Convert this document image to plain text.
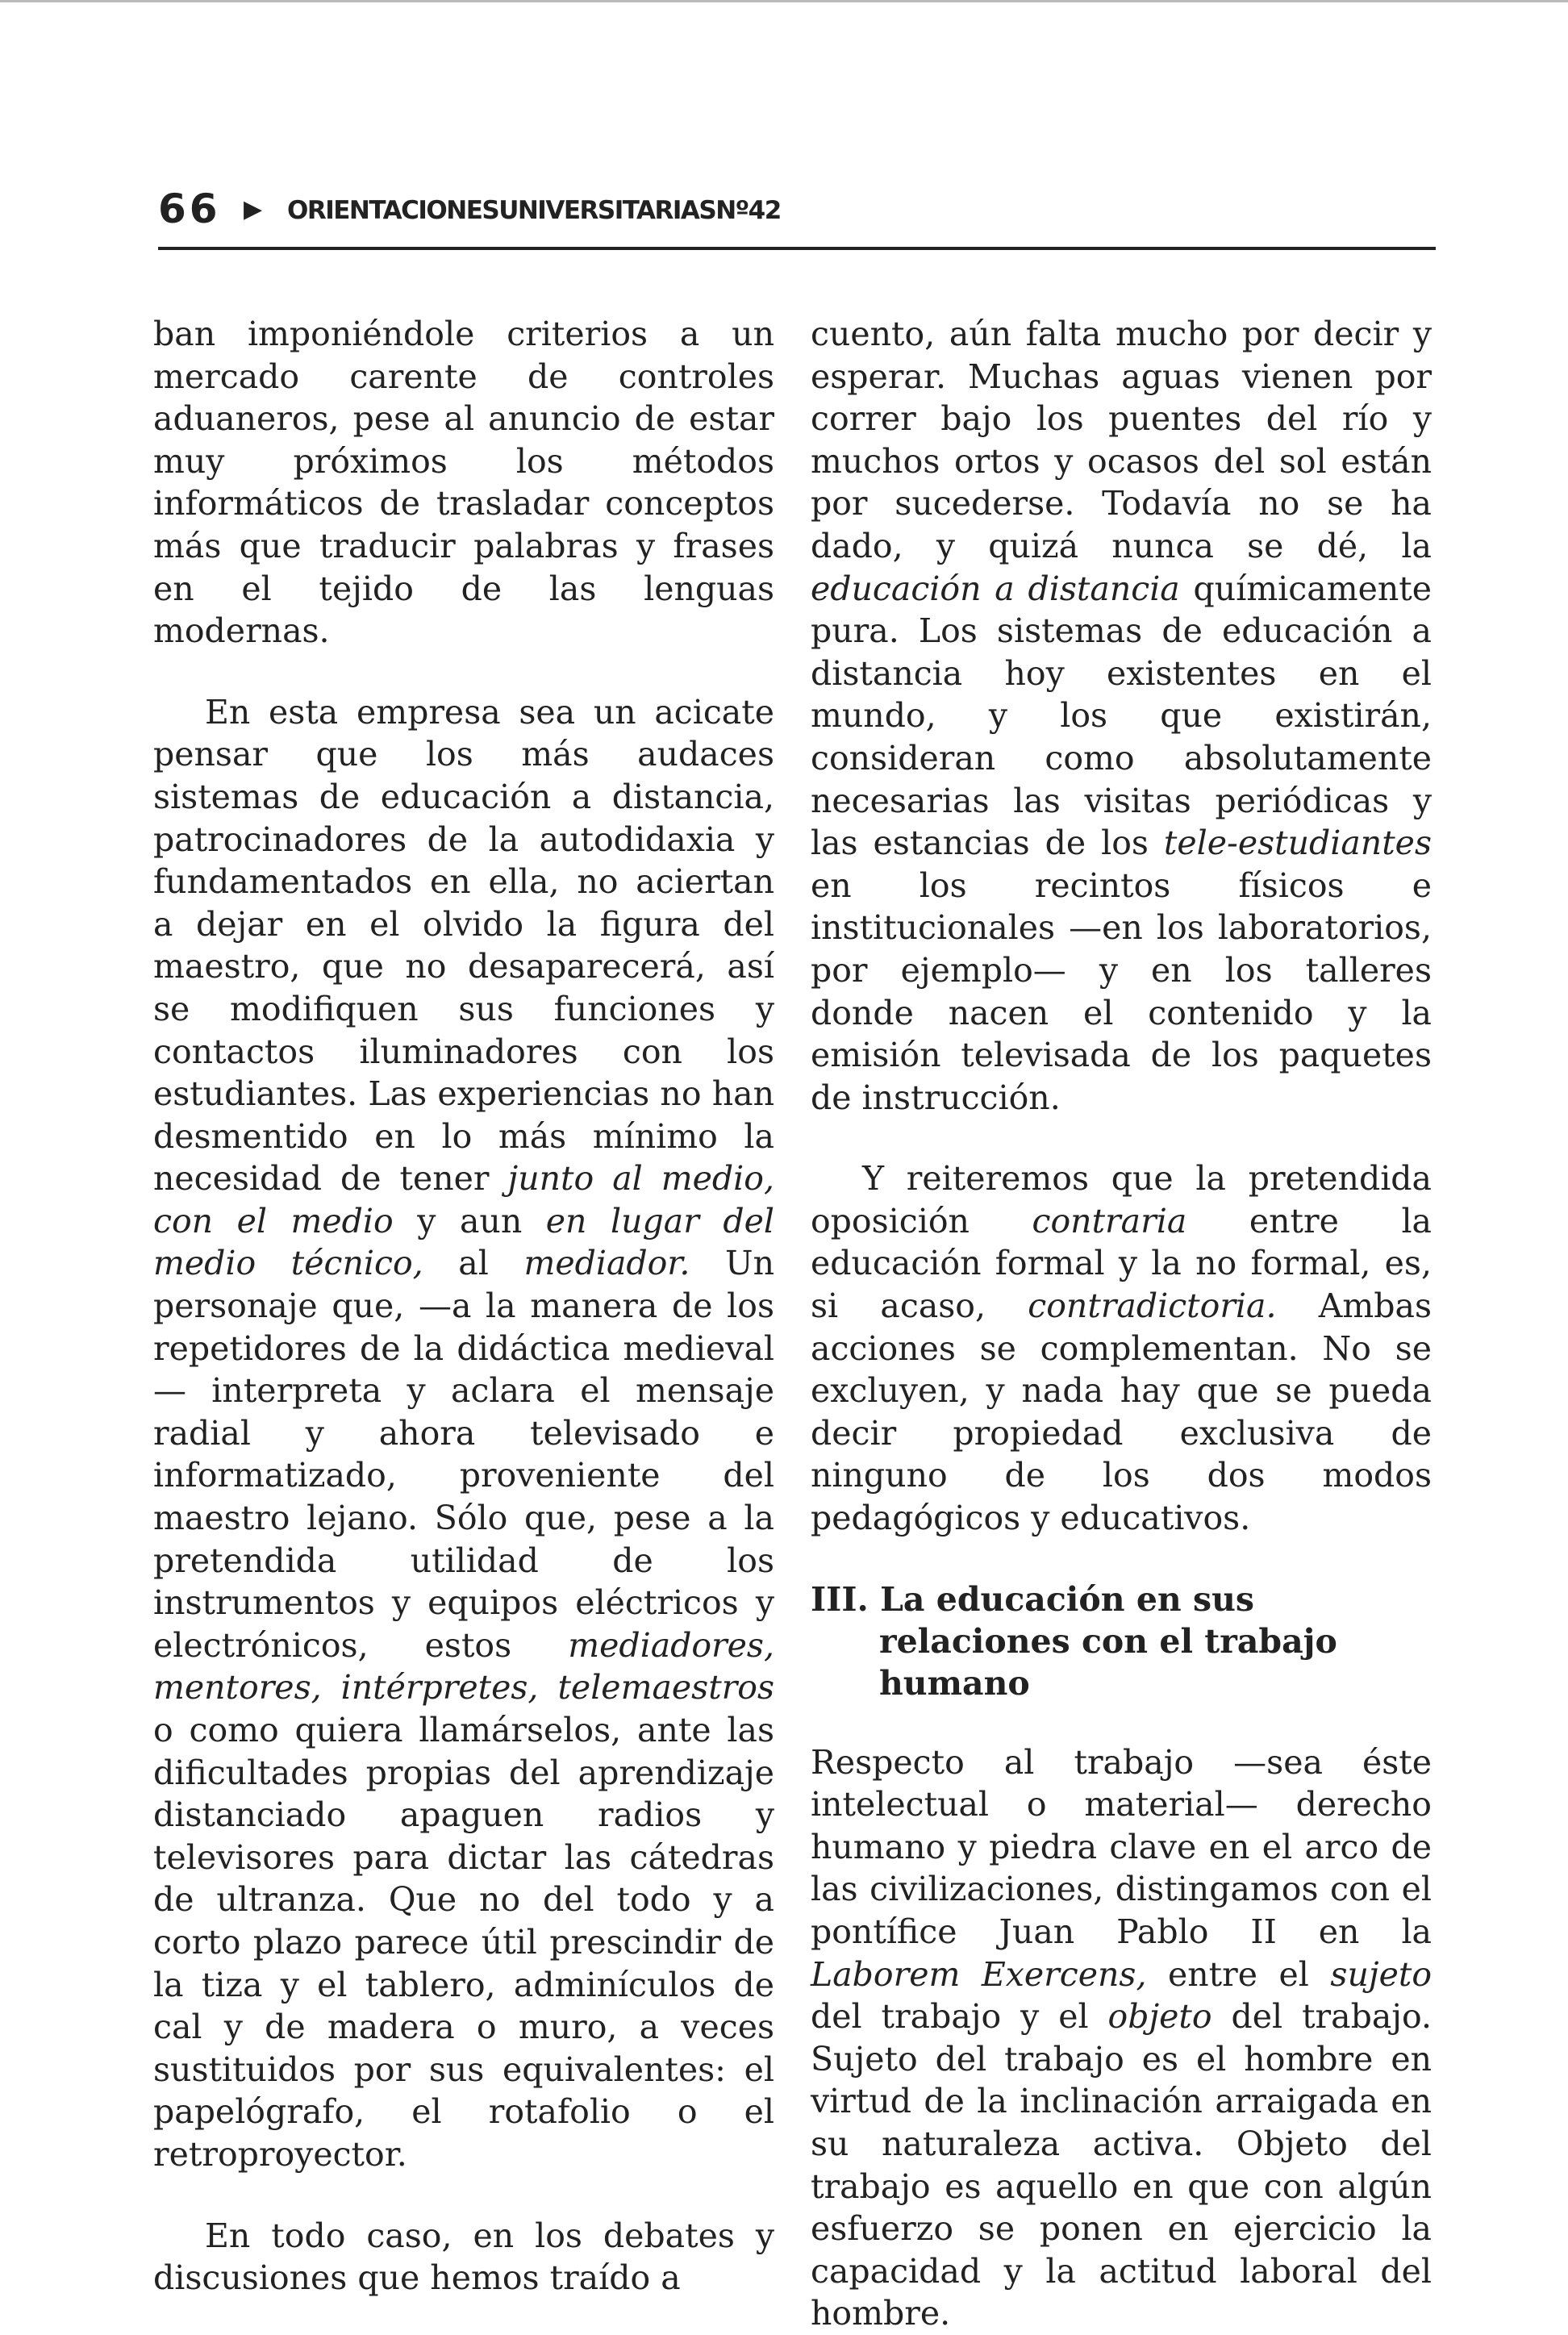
66 ▶ ORIENTACIONESUNIVERSITARIASNº42

ban imponiéndole criterios a un mercado carente de controles aduaneros, pese al anuncio de estar muy próximos los métodos informáticos de trasladar conceptos más que traducir palabras y frases en el tejido de las lenguas modernas.

En esta empresa sea un acicate pensar que los más audaces sistemas de educación a distancia, patrocinadores de la autodidaxia y fundamentados en ella, no aciertan a dejar en el olvido la figura del maestro, que no desaparecerá, así se modifiquen sus funciones y contactos iluminadores con los estudiantes. Las experiencias no han desmentido en lo más mínimo la necesidad de tener junto al medio, con el medio y aun en lugar del medio técnico, al mediador. Un personaje que, —a la manera de los repetidores de la didáctica medieval— interpreta y aclara el mensaje radial y ahora televisado e informatizado, proveniente del maestro lejano. Sólo que, pese a la pretendida utilidad de los instrumentos y equipos eléctricos y electrónicos, estos mediadores, mentores, intérpretes, telemaestros o como quiera llamárselos, ante las dificultades propias del aprendizaje distanciado apaguen radios y televisores para dictar las cátedras de ultranza. Que no del todo y a corto plazo parece útil prescindir de la tiza y el tablero, adminículos de cal y de madera o muro, a veces sustituidos por sus equivalentes: el papelógrafo, el rotafolio o el retroproyector.

En todo caso, en los debates y discusiones que hemos traído a

cuento, aún falta mucho por decir y esperar. Muchas aguas vienen por correr bajo los puentes del río y muchos ortos y ocasos del sol están por sucederse. Todavía no se ha dado, y quizá nunca se dé, la educación a distancia químicamente pura. Los sistemas de educación a distancia hoy existentes en el mundo, y los que existirán, consideran como absolutamente necesarias las visitas periódicas y las estancias de los tele-estudiantes en los recintos físicos e institucionales —en los laboratorios, por ejemplo— y en los talleres donde nacen el contenido y la emisión televisada de los paquetes de instrucción.

Y reiteremos que la pretendida oposición contraria entre la educación formal y la no formal, es, si acaso, contradictoria. Ambas acciones se complementan. No se excluyen, y nada hay que se pueda decir propiedad exclusiva de ninguno de los dos modos pedagógicos y educativos.

III. La educación en sus relaciones con el trabajo humano

Respecto al trabajo —sea éste intelectual o material— derecho humano y piedra clave en el arco de las civilizaciones, distingamos con el pontífice Juan Pablo II en la Laborem Exercens, entre el sujeto del trabajo y el objeto del trabajo. Sujeto del trabajo es el hombre en virtud de la inclinación arraigada en su naturaleza activa. Objeto del trabajo es aquello en que con algún esfuerzo se ponen en ejercicio la capacidad y la actitud laboral del hombre.
